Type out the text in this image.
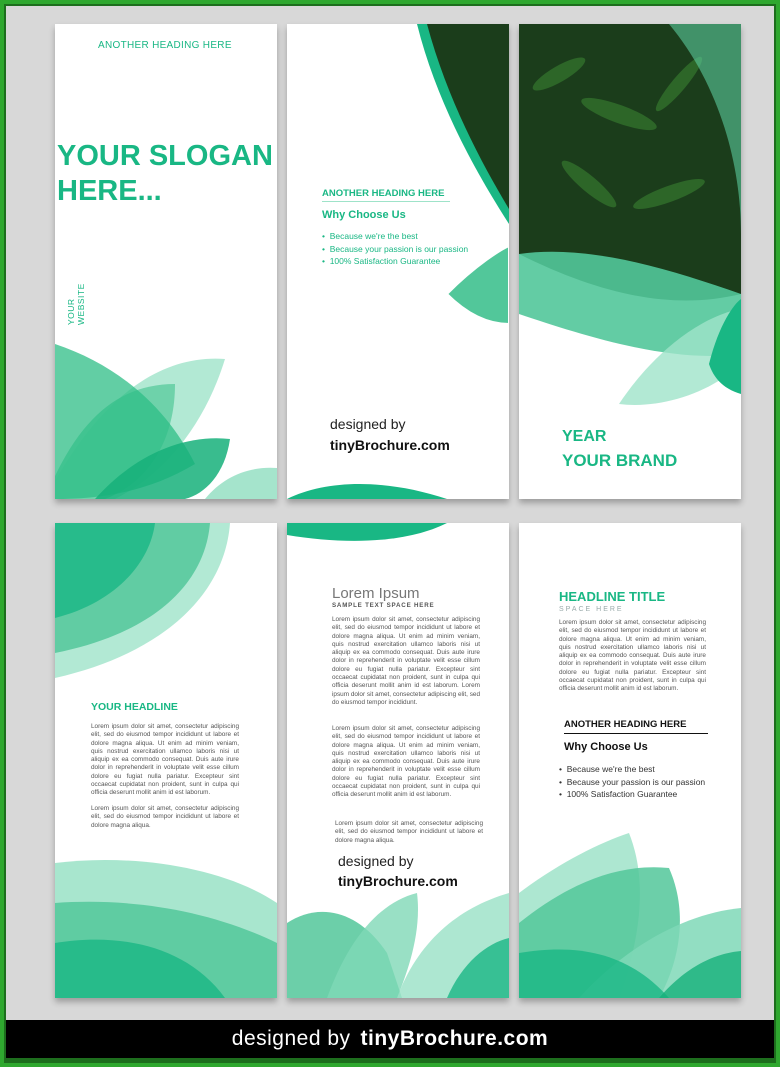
ANOTHER HEADING HERE

YOUR SLOGAN

HERE...

YOUR WEBSITE

ANOTHER HEADING HERE

Why Choose Us

•  Because we're the best
•  Because your passion is our passion
•  100% Satisfaction Guarantee

designed by

tinyBrochure.com	YEAR

YOUR BRAND

YOUR HEADLINE

Lorem ipsum dolor sit amet, consectetur adipiscing elit, sed do eiusmod tempor incididunt ut labore et dolore magna aliqua. Ut enim ad minim veniam, quis nostrud exercitation ullamco laboris nisi ut aliquip ex ea commodo consequat. Duis aute irure dolor in reprehenderit in voluptate velit esse cillum dolore eu fugiat nulla pariatur. Excepteur sint occaecat cupidatat non proident, sunt in culpa qui officia deserunt mollit anim id est laborum.

Lorem ipsum dolor sit amet, consectetur adipiscing elit, sed do eiusmod tempor incididunt ut labore et dolore magna aliqua.

Lorem Ipsum

SAMPLE TEXT SPACE HERE

Lorem ipsum dolor sit amet, consectetur adipiscing elit, sed do eiusmod tempor incididunt ut labore et dolore magna aliqua. Ut enim ad minim veniam, quis nostrud exercitation ullamco laboris nisi ut aliquip ex ea commodo consequat. Duis aute irure dolor in reprehenderit in voluptate velit esse cillum dolore eu fugiat nulla pariatur. Excepteur sint occaecat cupidatat non proident, sunt in culpa qui officia deserunt mollit anim id est laborum. Lorem ipsum dolor sit amet, consectetur adipiscing elit, sed do eiusmod tempor incididunt.

Lorem ipsum dolor sit amet, consectetur adipiscing elit, sed do eiusmod tempor incididunt ut labore et dolore magna aliqua. Ut enim ad minim veniam, quis nostrud exercitation ullamco laboris nisi ut aliquip ex ea commodo consequat. Duis aute irure dolor in reprehenderit in voluptate velit esse cillum dolore eu fugiat nulla pariatur. Excepteur sint occaecat cupidatat non proident, sunt in culpa qui officia deserunt mollit anim id est laborum.

Lorem ipsum dolor sit amet, consectetur adipiscing elit, sed do eiusmod tempor incididunt ut labore et dolore magna aliqua.

designed by

tinyBrochure.com

HEADLINE TITLE

SPACE HERE

Lorem ipsum dolor sit amet, consectetur adipiscing elit, sed do eiusmod tempor incididunt ut labore et dolore magna aliqua. Ut enim ad minim veniam, quis nostrud exercitation ullamco laboris nisi ut aliquip ex ea commodo consequat. Duis aute irure dolor in reprehenderit in voluptate velit esse cillum dolore eu fugiat nulla pariatur. Excepteur sint occaecat cupidatat non proident, sunt in culpa qui officia deserunt mollit anim id est laborum.

ANOTHER HEADING HERE

Why Choose Us

•  Because we're the best
•  Because your passion is our passion
•  100% Satisfaction Guarantee
designed by tinyBrochure.com
